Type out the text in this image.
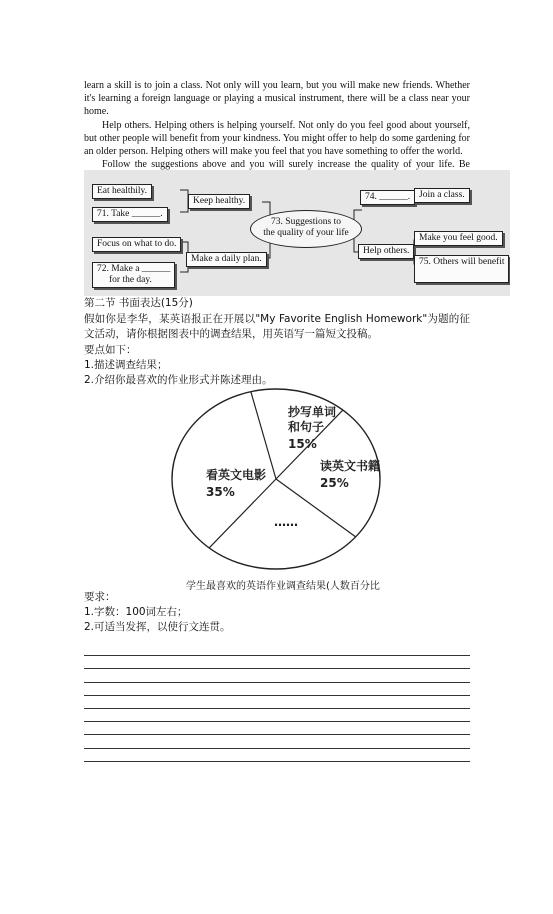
learn a skill is to join a class. Not only will you learn, but you will make new friends. Whether it's learning a foreign language or playing a musical instrument, there will be a class near your home.

Help others. Helping others is helping yourself. Not only do you feel good about yourself, but other people will benefit from your kindness. You might offer to help do some gardening for an older person. Helping others will make you feel that you have something to offer the world.

Follow the suggestions above and you will surely increase the quality of your life. Be

Eat healthily.
71. Take ______.
Keep healthy.
Focus on what to do.
72. Make a ______
for the day.
Make a daily plan.
73. Suggestions to
the quality of your life
74. ______. Join a class.
Help others.
Make you feel good.
75. Others will benefit
第二节 书面表达(15分)
假如你是李华，某英语报正在开展以"My Favorite English Homework"为题的征文活动，请你根据图表中的调查结果，用英语写一篇短文投稿。
要点如下：
1.描述调查结果；
2.介绍你最喜欢的作业形式并陈述理由。
抄写单词
和句子
15%
读英文书籍
25%
……
看英文电影
35%
学生最喜欢的英语作业调查结果(人数百分比
要求：
1.字数：100词左右；
2.可适当发挥，以使行文连贯。
